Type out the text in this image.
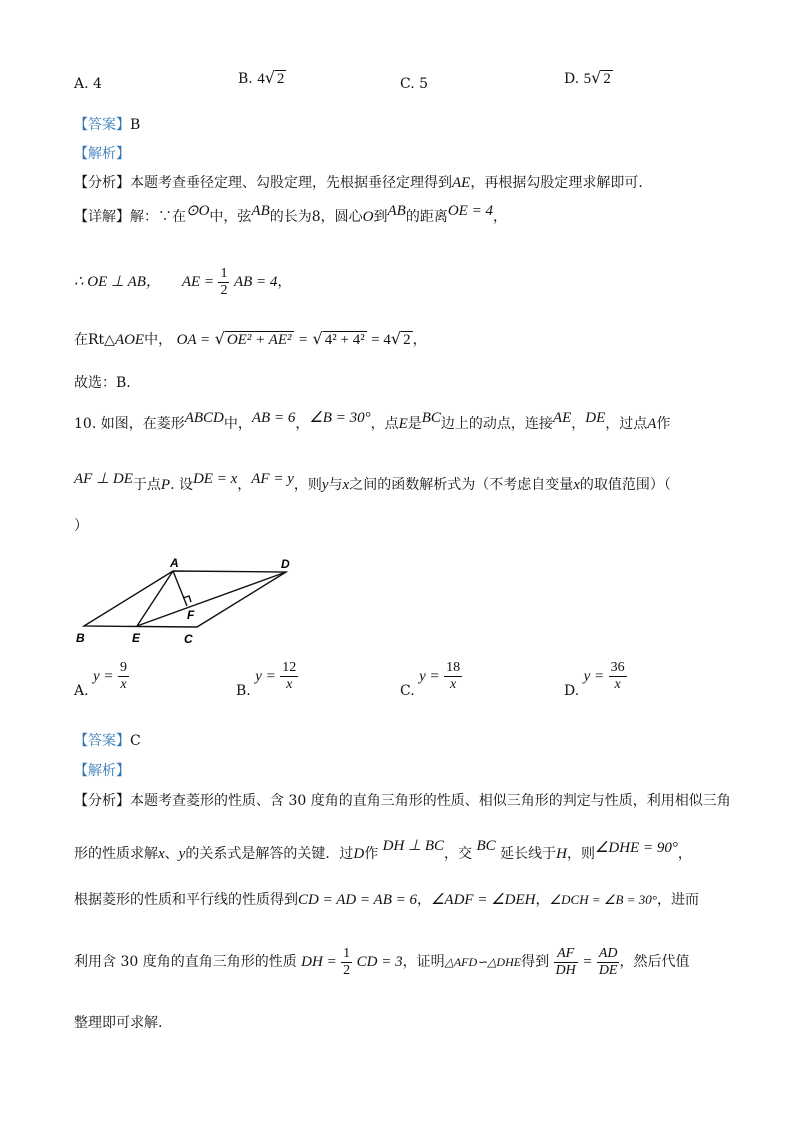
A. 4	B. 4√ 2	C. 5	D. 5√ 2
【答案】B
【解析】
【分析】本题考查垂径定理、勾股定理，先根据垂径定理得到AE，再根据勾股定理求解即可.
【详解】解：∵在⊙O中，弦AB的长为8，圆心O到AB的距离OE = 4，
∴ OE ⊥ AB， AE = $\frac{1}{2}$ AB = 4，
在Rt△AOE中， OA = √ OE² + AE² = √ 4² + 4² = 4√ 2 ，
故选：B.
10. 如图，在菱形ABCD中，AB = 6，∠B = 30°，点E是BC边上的动点，连接AE，DE，过点A作
AF ⊥ DE于点P. 设DE = x，AF = y，则y与x之间的函数解析式为（不考虑自变量x的取值范围）（
）
A	D
F
B	E	C
A. $y = \frac{9}{x}$	B. $y = \frac{12}{x}$	C. $y = \frac{18}{x}$	D. $y = \frac{36}{x}$
【答案】C
【解析】
【分析】本题考查菱形的性质、含 30 度角的直角三角形的性质、相似三角形的判定与性质，利用相似三角
形的性质求解x、y的关系式是解答的关键．过D作 DH ⊥ BC，交 BC 延长线于H，则∠DHE = 90°，
根据菱形的性质和平行线的性质得到CD = AD = AB = 6，∠ADF = ∠DEH，∠DCH = ∠B = 30°，进而
利用含 30 度角的直角三角形的性质 DH = $\frac{1}{2}$ CD = 3，证明△AFD∽△DHE得到 $\frac{AF}{DH} = \frac{AD}{DE}$ ，然后代值
整理即可求解.
